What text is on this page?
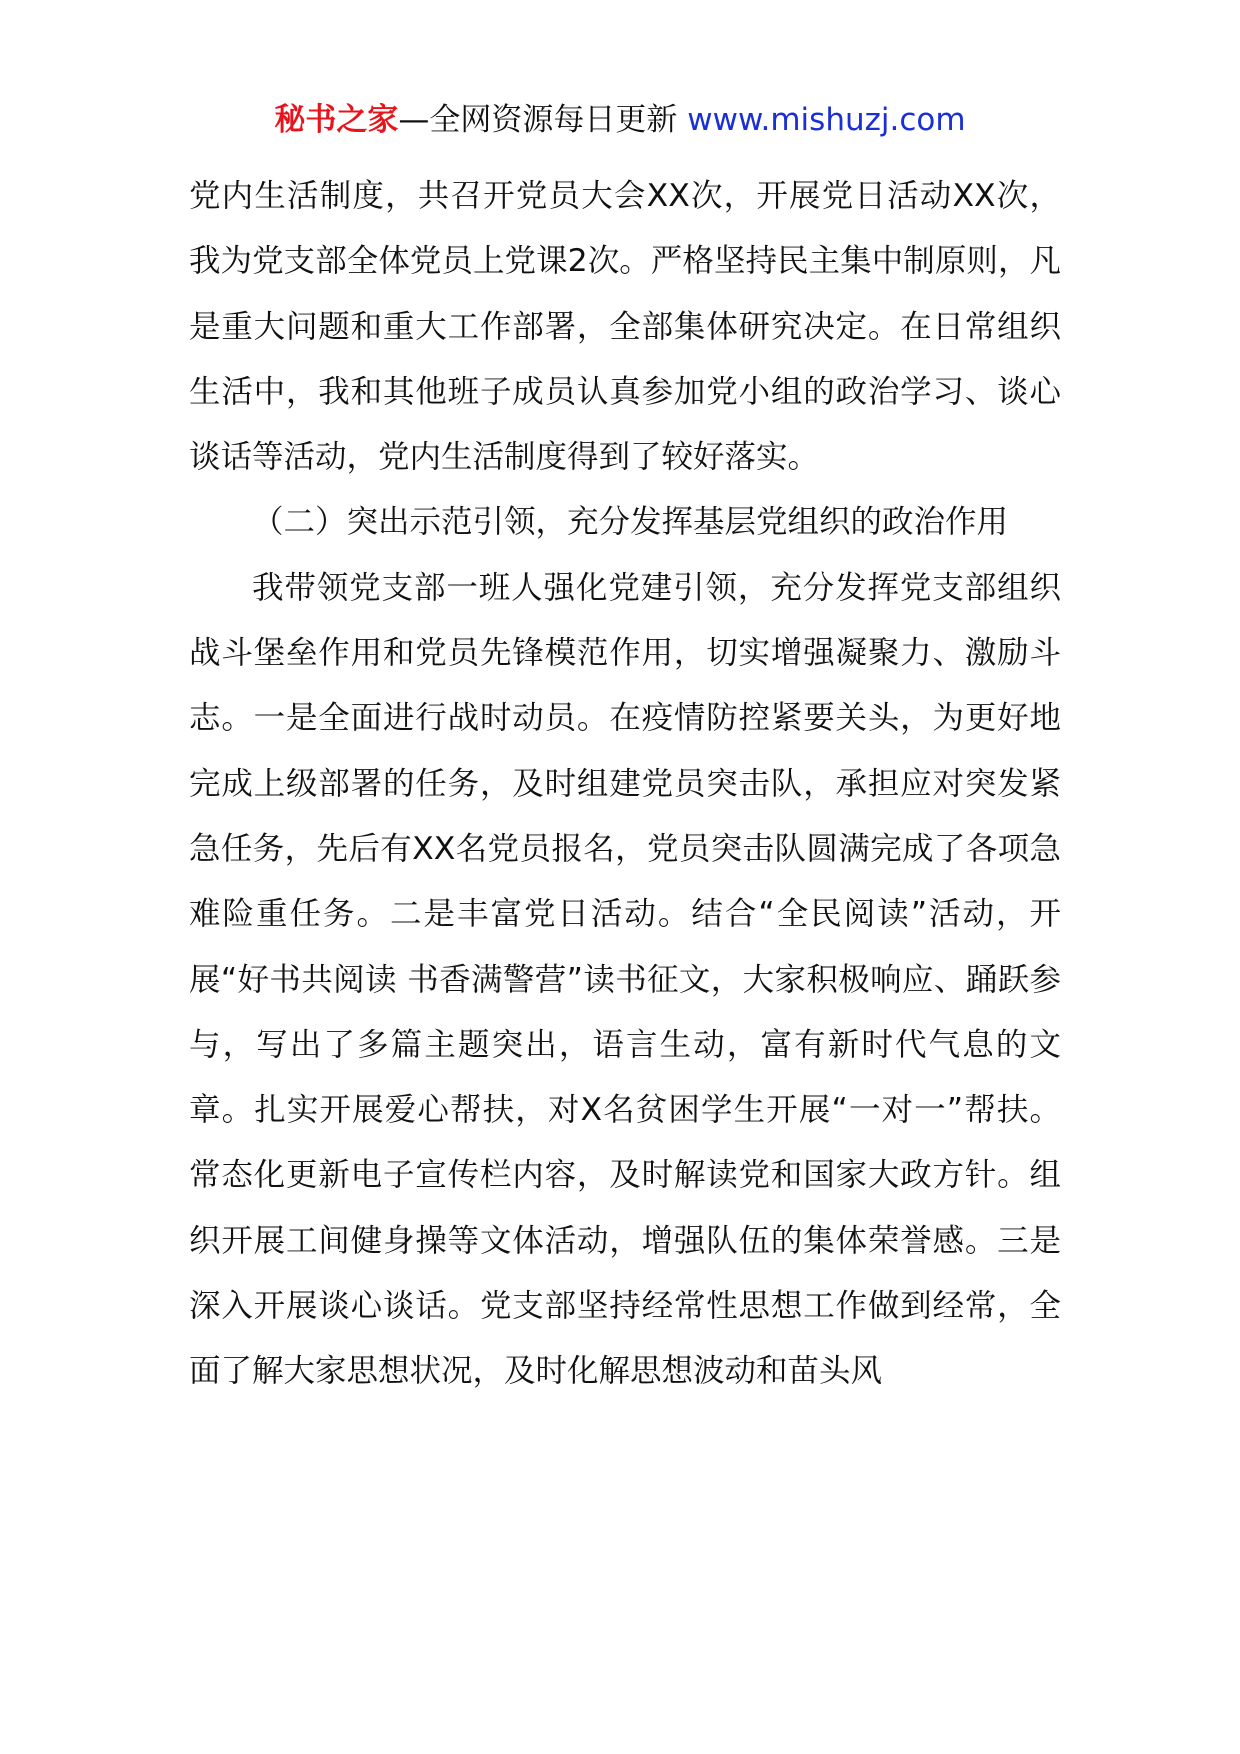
秘书之家—全网资源每日更新 www.mishuzj.com

党内生活制度，共召开党员大会XX次，开展党日活动XX次，我为党支部全体党员上党课2次。严格坚持民主集中制原则，凡是重大问题和重大工作部署，全部集体研究决定。在日常组织生活中，我和其他班子成员认真参加党小组的政治学习、谈心谈话等活动，党内生活制度得到了较好落实。

（二）突出示范引领，充分发挥基层党组织的政治作用

我带领党支部一班人强化党建引领，充分发挥党支部组织战斗堡垒作用和党员先锋模范作用，切实增强凝聚力、激励斗志。一是全面进行战时动员。在疫情防控紧要关头，为更好地完成上级部署的任务，及时组建党员突击队，承担应对突发紧急任务，先后有XX名党员报名，党员突击队圆满完成了各项急难险重任务。二是丰富党日活动。结合“全民阅读”活动，开展“好书共阅读 书香满警营”读书征文，大家积极响应、踊跃参与，写出了多篇主题突出，语言生动，富有新时代气息的文章。扎实开展爱心帮扶，对X名贫困学生开展“一对一”帮扶。常态化更新电子宣传栏内容，及时解读党和国家大政方针。组织开展工间健身操等文体活动，增强队伍的集体荣誉感。三是深入开展谈心谈话。党支部坚持经常性思想工作做到经常，全面了解大家思想状况，及时化解思想波动和苗头风
